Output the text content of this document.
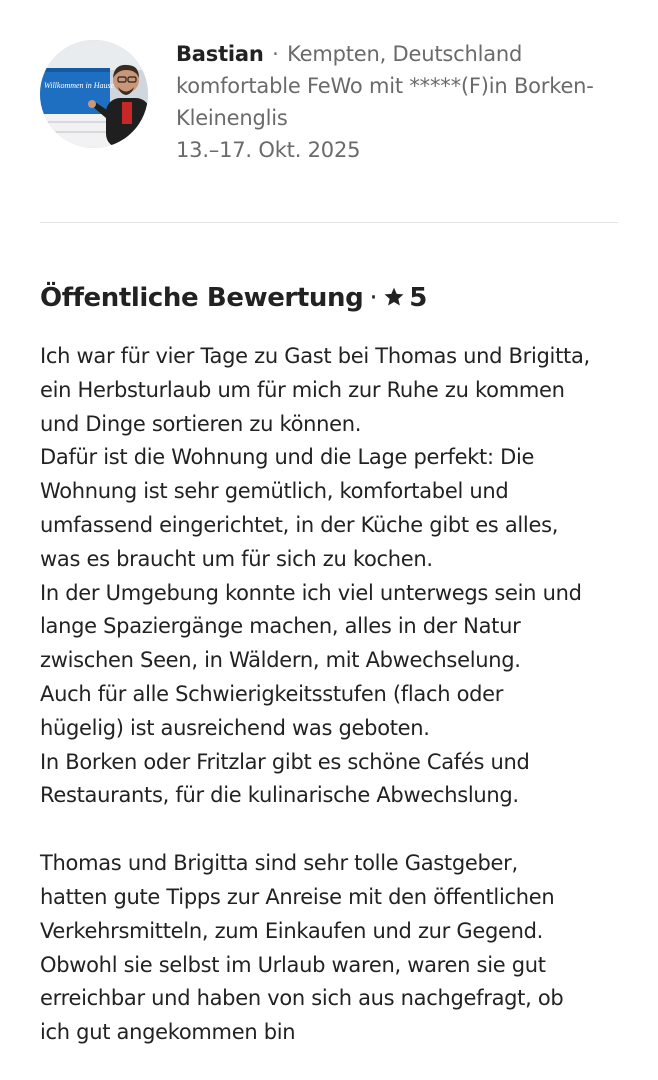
Willkommen in Hause
Bastian · Kempten, Deutschland
komfortable FeWo mit *****(F)in Borken-Kleinenglis
13.–17. Okt. 2025
Öffentliche Bewertung · 5

Ich war für vier Tage zu Gast bei Thomas und Brigitta,

ein Herbsturlaub um für mich zur Ruhe zu kommen

und Dinge sortieren zu können.

Dafür ist die Wohnung und die Lage perfekt: Die

Wohnung ist sehr gemütlich, komfortabel und

umfassend eingerichtet, in der Küche gibt es alles,

was es braucht um für sich zu kochen.

In der Umgebung konnte ich viel unterwegs sein und

lange Spaziergänge machen, alles in der Natur

zwischen Seen, in Wäldern, mit Abwechselung.

Auch für alle Schwierigkeitsstufen (flach oder

hügelig) ist ausreichend was geboten.

In Borken oder Fritzlar gibt es schöne Cafés und

Restaurants, für die kulinarische Abwechslung.

Thomas und Brigitta sind sehr tolle Gastgeber,

hatten gute Tipps zur Anreise mit den öffentlichen

Verkehrsmitteln, zum Einkaufen und zur Gegend.

Obwohl sie selbst im Urlaub waren, waren sie gut

erreichbar und haben von sich aus nachgefragt, ob

ich gut angekommen bin
